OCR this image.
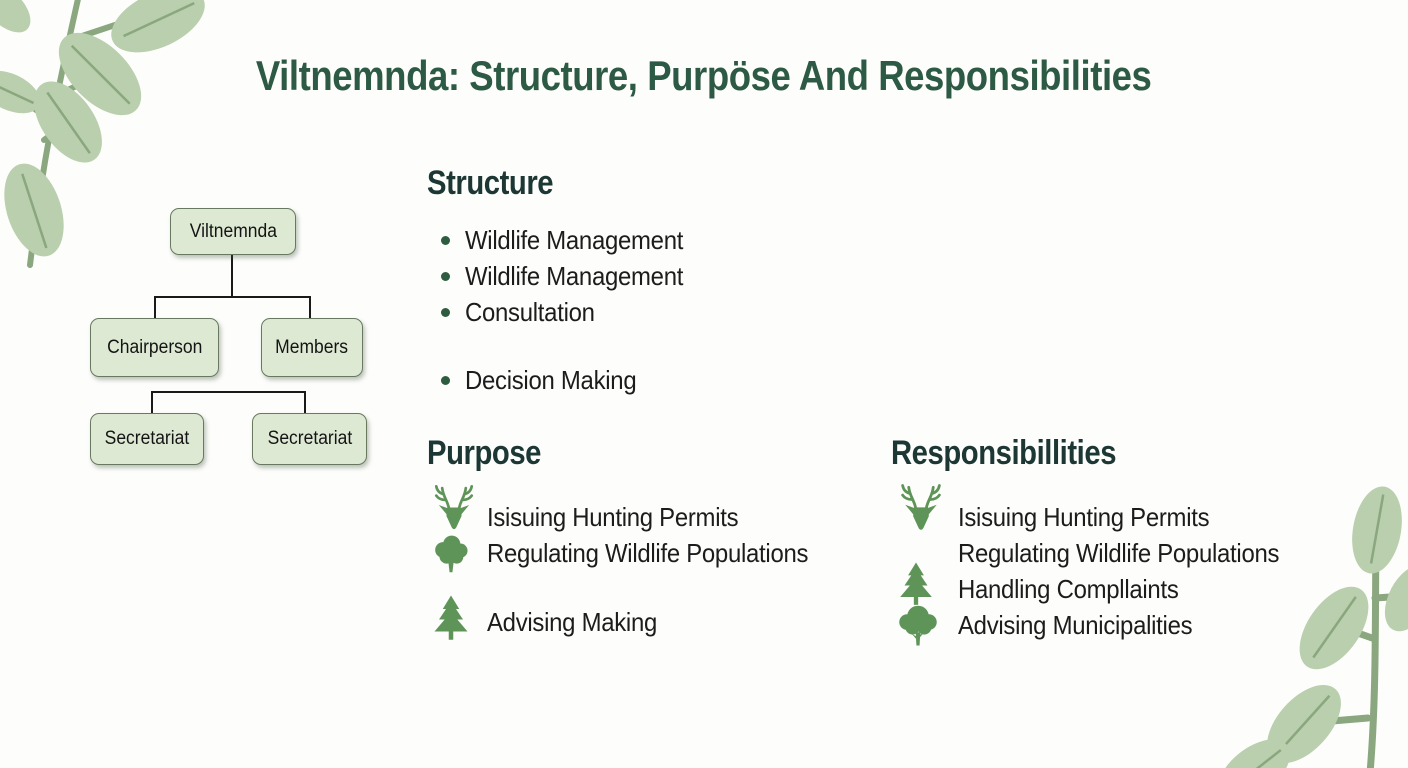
Viltnemnda: Structure, Purpöse And Responsibilities
Viltnemnda
Chairperson	Members
Secretariat	Secretariat
Structure
Wildlife Management
Wildlife Management
Consultation
Decision Making
Purpose
Isisuing Hunting Permits
Regulating Wildlife Populations
Advising Making
Responsibillities
Isisuing Hunting Permits
Regulating Wildlife Populations
Handling Compllaints
Advising Municipalities
